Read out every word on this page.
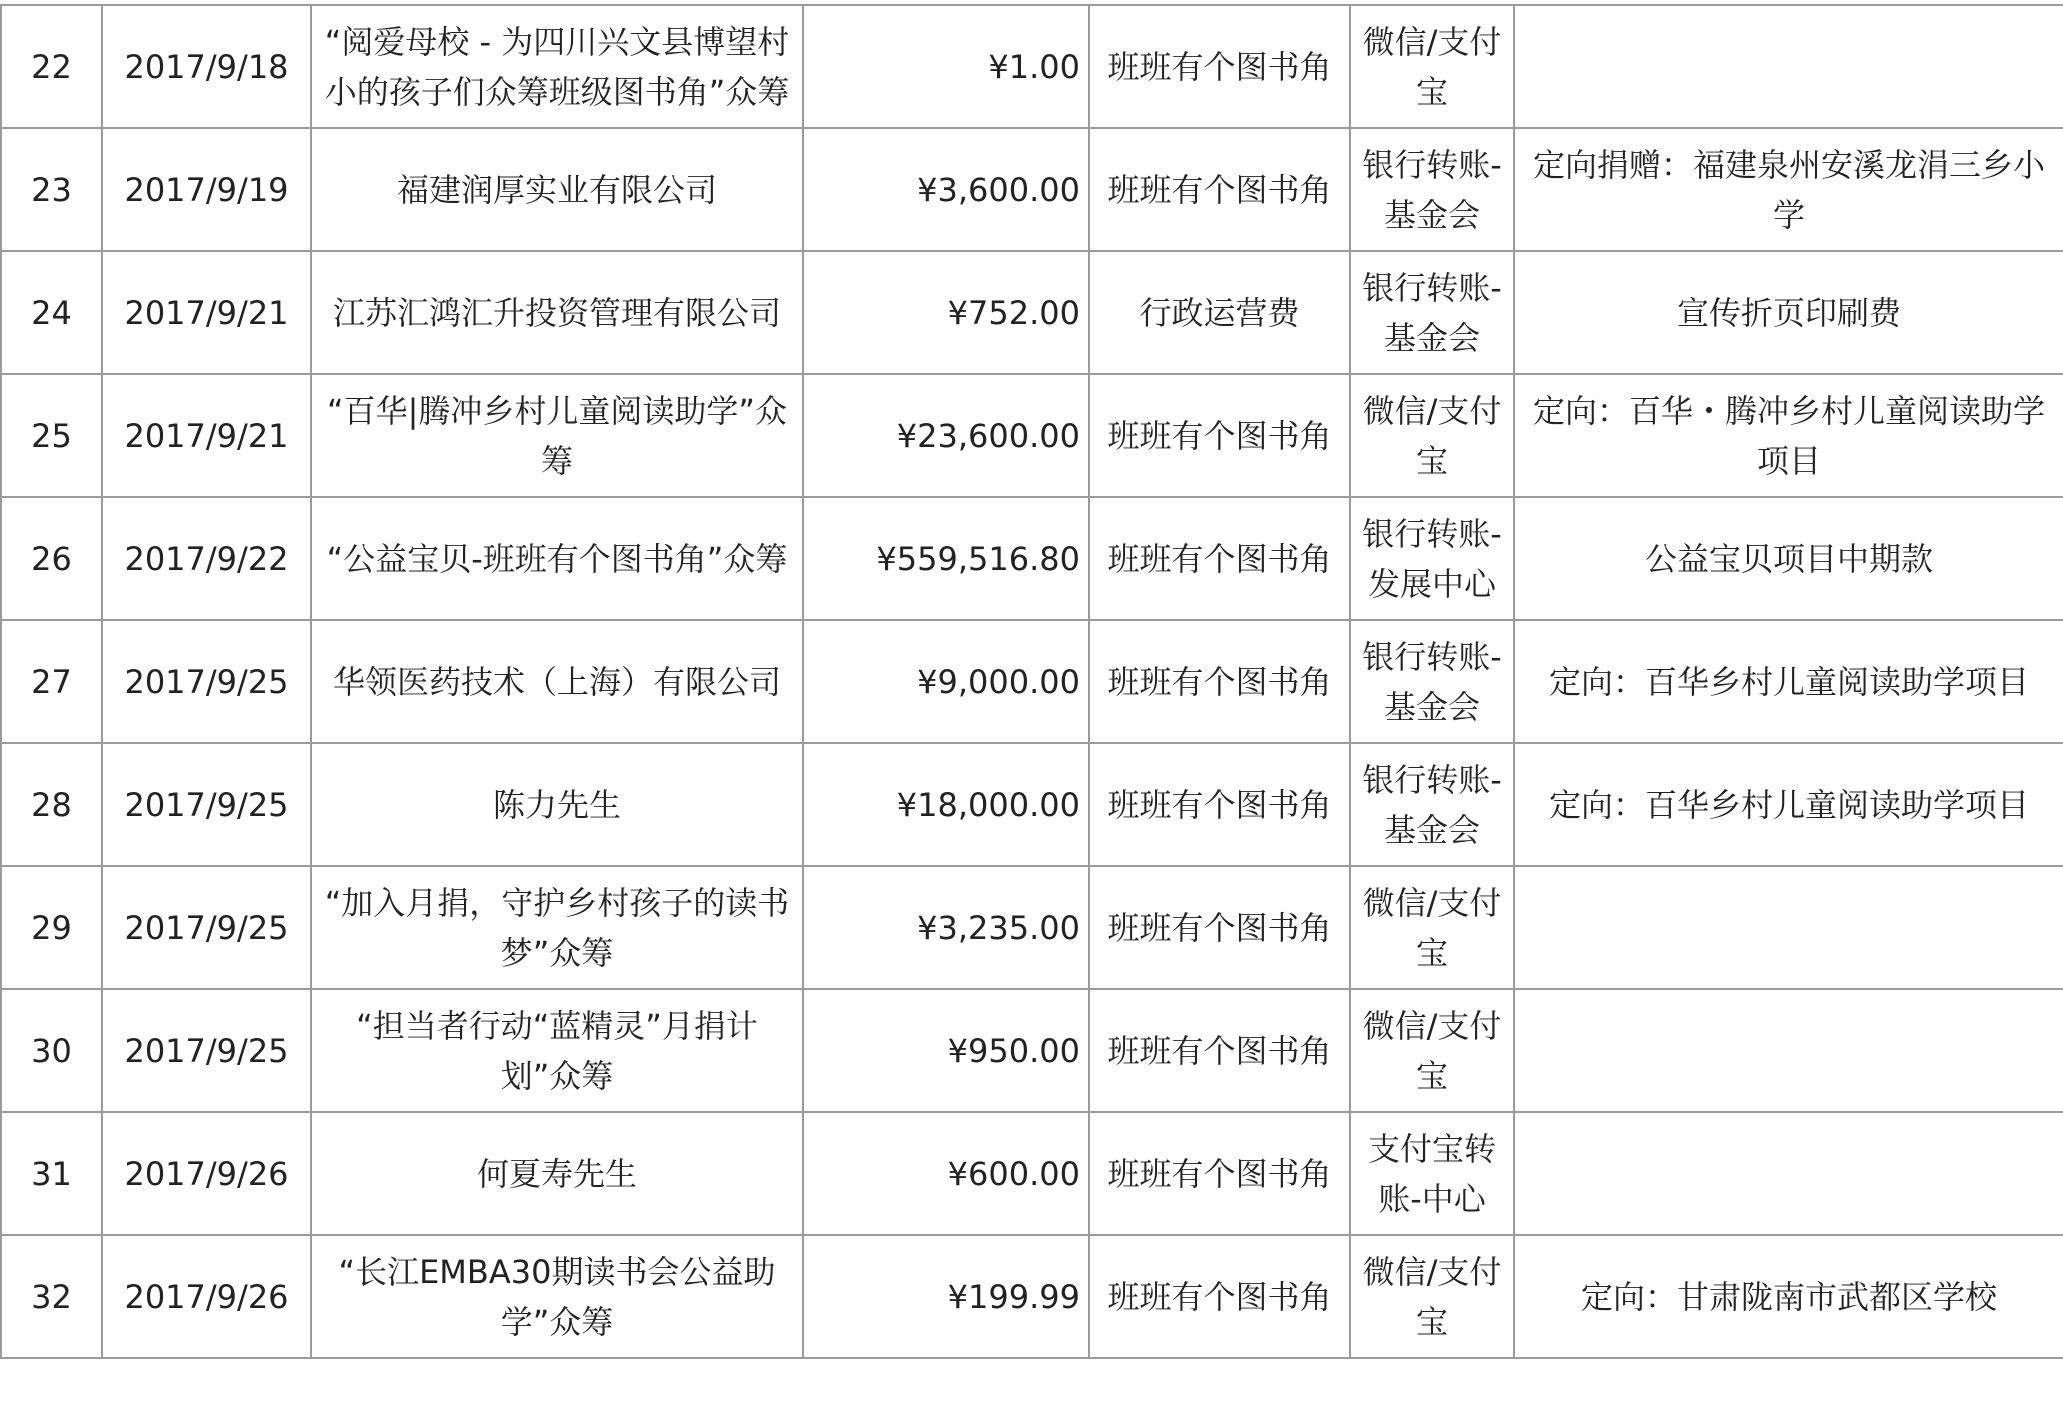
22	2017/9/18	“阅爱母校 - 为四川兴文县博望村小的孩子们众筹班级图书角”众筹	¥1.00	班班有个图书角	微信/支付宝	
23	2017/9/19	福建润厚实业有限公司	¥3,600.00	班班有个图书角	银行转账-基金会	定向捐赠：福建泉州安溪龙涓三乡小学
24	2017/9/21	江苏汇鸿汇升投资管理有限公司	¥752.00	行政运营费	银行转账-基金会	宣传折页印刷费
25	2017/9/21	“百华|腾冲乡村儿童阅读助学”众筹	¥23,600.00	班班有个图书角	微信/支付宝	定向：百华・腾冲乡村儿童阅读助学项目
26	2017/9/22	“公益宝贝-班班有个图书角”众筹	¥559,516.80	班班有个图书角	银行转账-发展中心	公益宝贝项目中期款
27	2017/9/25	华领医药技术（上海）有限公司	¥9,000.00	班班有个图书角	银行转账-基金会	定向：百华乡村儿童阅读助学项目
28	2017/9/25	陈力先生	¥18,000.00	班班有个图书角	银行转账-基金会	定向：百华乡村儿童阅读助学项目
29	2017/9/25	“加入月捐，守护乡村孩子的读书梦”众筹	¥3,235.00	班班有个图书角	微信/支付宝	
30	2017/9/25	“担当者行动“蓝精灵”月捐计划”众筹	¥950.00	班班有个图书角	微信/支付宝	
31	2017/9/26	何夏寿先生	¥600.00	班班有个图书角	支付宝转账-中心	
32	2017/9/26	“长江EMBA30期读书会公益助学”众筹	¥199.99	班班有个图书角	微信/支付宝	定向：甘肃陇南市武都区学校
